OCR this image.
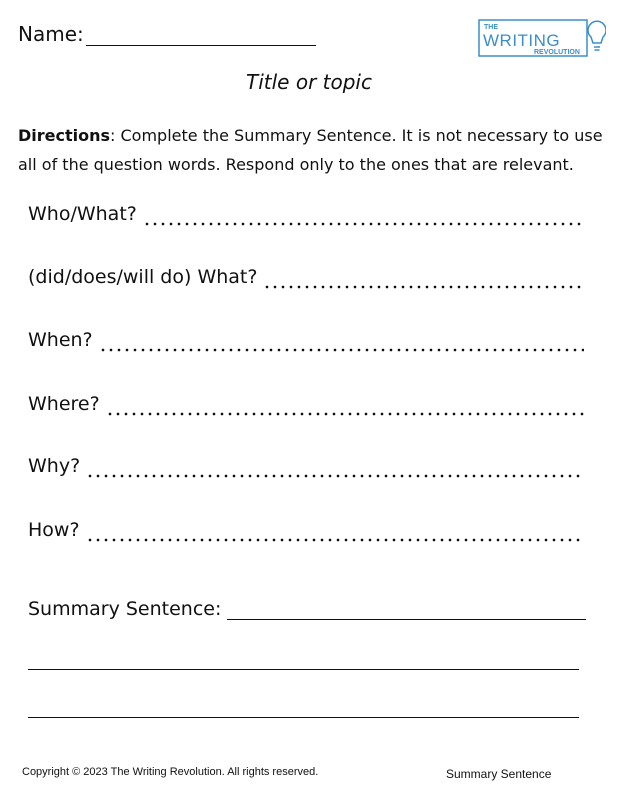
Name:	THE
WRITING
REVOLUTION
Title or topic
Directions: Complete the Summary Sentence. It is not necessary to use all of the question words. Respond only to the ones that are relevant.
Who/What?
(did/does/will do) What?
When?
Where?
Why?
How?
Summary Sentence:
Copyright © 2023 The Writing Revolution. All rights reserved.	Summary Sentence
